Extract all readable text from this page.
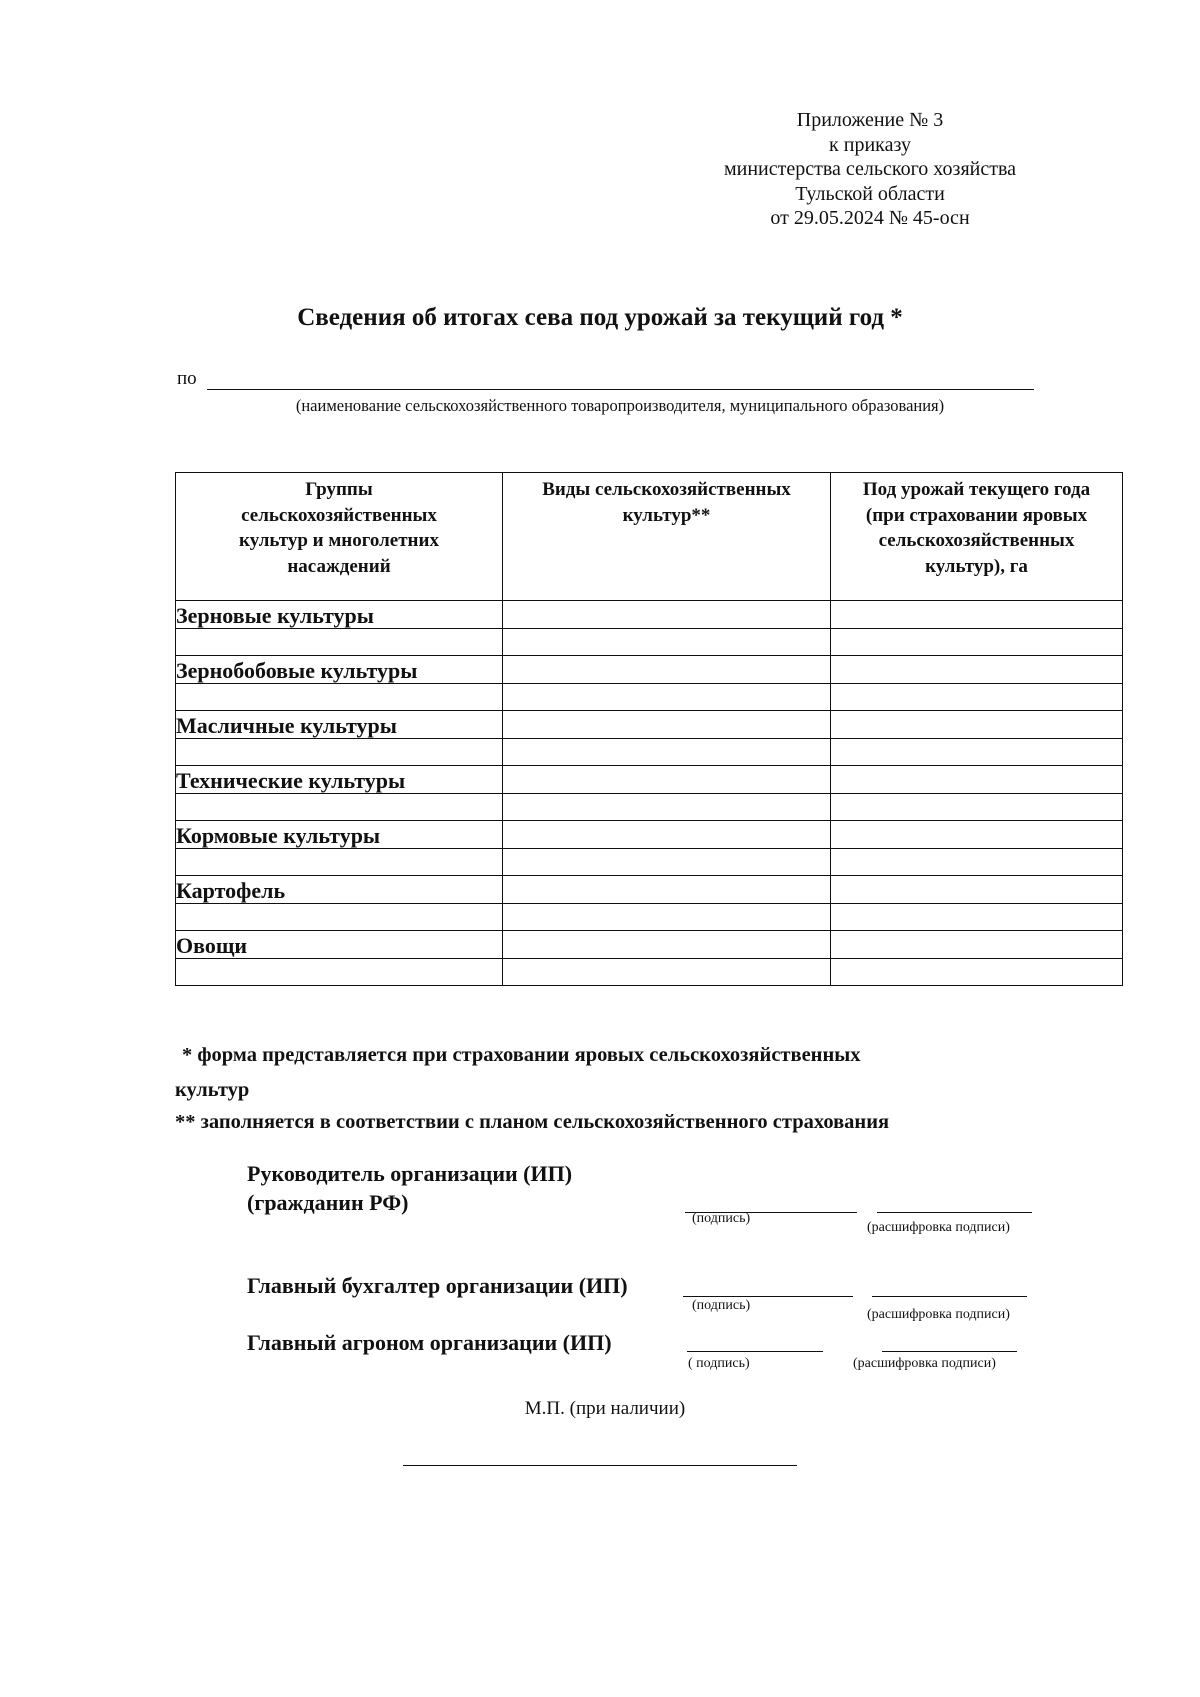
Приложение № 3
к приказу
министерства сельского хозяйства
Тульской области
от 29.05.2024 № 45-осн
Сведения об итогах сева под урожай за текущий год *
по
(наименование сельскохозяйственного товаропроизводителя, муниципального образования)
Группы сельскохозяйственных культур и многолетних насаждений	Виды сельскохозяйственных культур**	Под урожай текущего года (при страховании яровых сельскохозяйственных культур), га
Зерновые культуры		

Зернобобовые культуры		

Масличные культуры		

Технические культуры		

Кормовые культуры		

Картофель		

Овощи		

* форма представляется при страховании яровых сельскохозяйственных
культур
** заполняется в соответствии с планом сельскохозяйственного страхования
Руководитель организации (ИП)
(гражданин РФ)
(подпись)
(расшифровка подписи)
Главный бухгалтер организации (ИП)
(подпись)
(расшифровка подписи)
Главный агроном организации (ИП)
( подпись)	(расшифровка подписи)
М.П. (при наличии)
